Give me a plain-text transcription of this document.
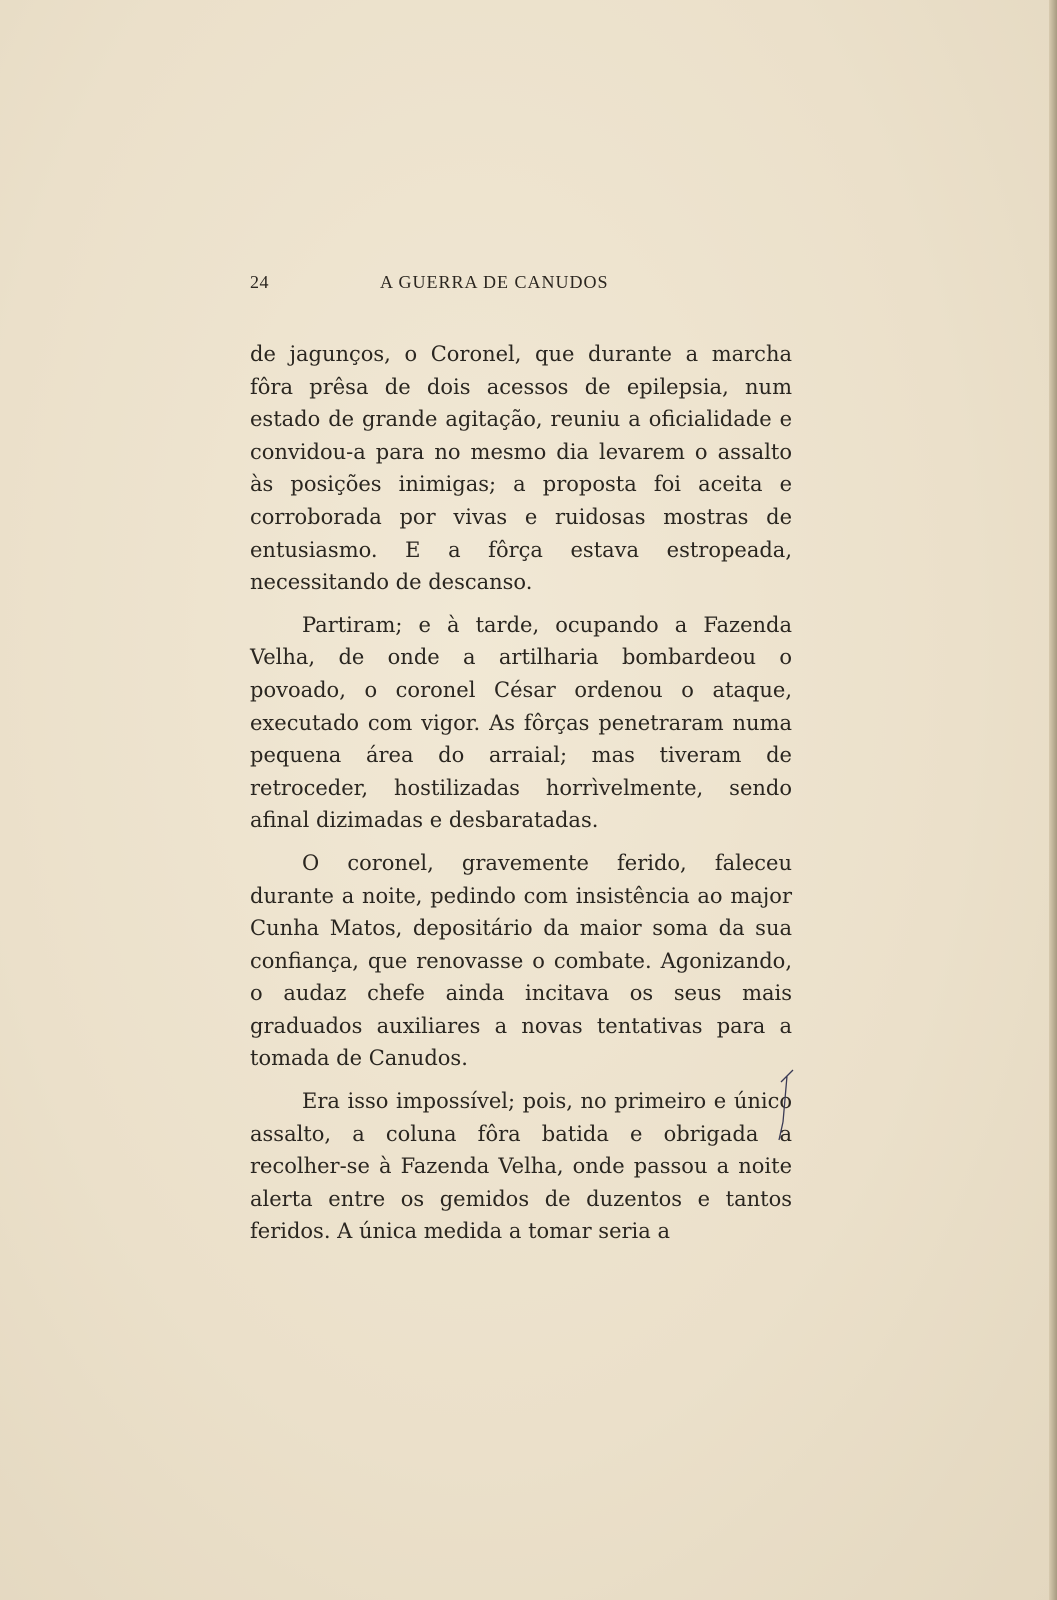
24	A GUERRA DE CANUDOS

de jagunços, o Coronel, que durante a marcha fôra prêsa de dois acessos de epilepsia, num estado de grande agitação, reuniu a oficialidade e convidou-a para no mesmo dia levarem o assalto às posições inimigas; a proposta foi aceita e corroborada por vivas e ruidosas mostras de entusiasmo. E a fôrça estava estropeada, necessitando de descanso.

Partiram; e à tarde, ocupando a Fazenda Velha, de onde a artilharia bombardeou o povoado, o coronel César ordenou o ataque, executado com vigor. As fôrças penetraram numa pequena área do arraial; mas tiveram de retroceder, hostilizadas horrìvelmente, sendo afinal dizimadas e desbaratadas.

O coronel, gravemente ferido, faleceu durante a noite, pedindo com insistência ao major Cunha Matos, depositário da maior soma da sua confiança, que renovasse o combate. Agonizando, o audaz chefe ainda incitava os seus mais graduados auxiliares a novas tentativas para a tomada de Canudos.

Era isso impossível; pois, no primeiro e único assalto, a coluna fôra batida e obrigada a recolher-se à Fazenda Velha, onde passou a noite alerta entre os gemidos de duzentos e tantos feridos. A única medida a tomar seria a
